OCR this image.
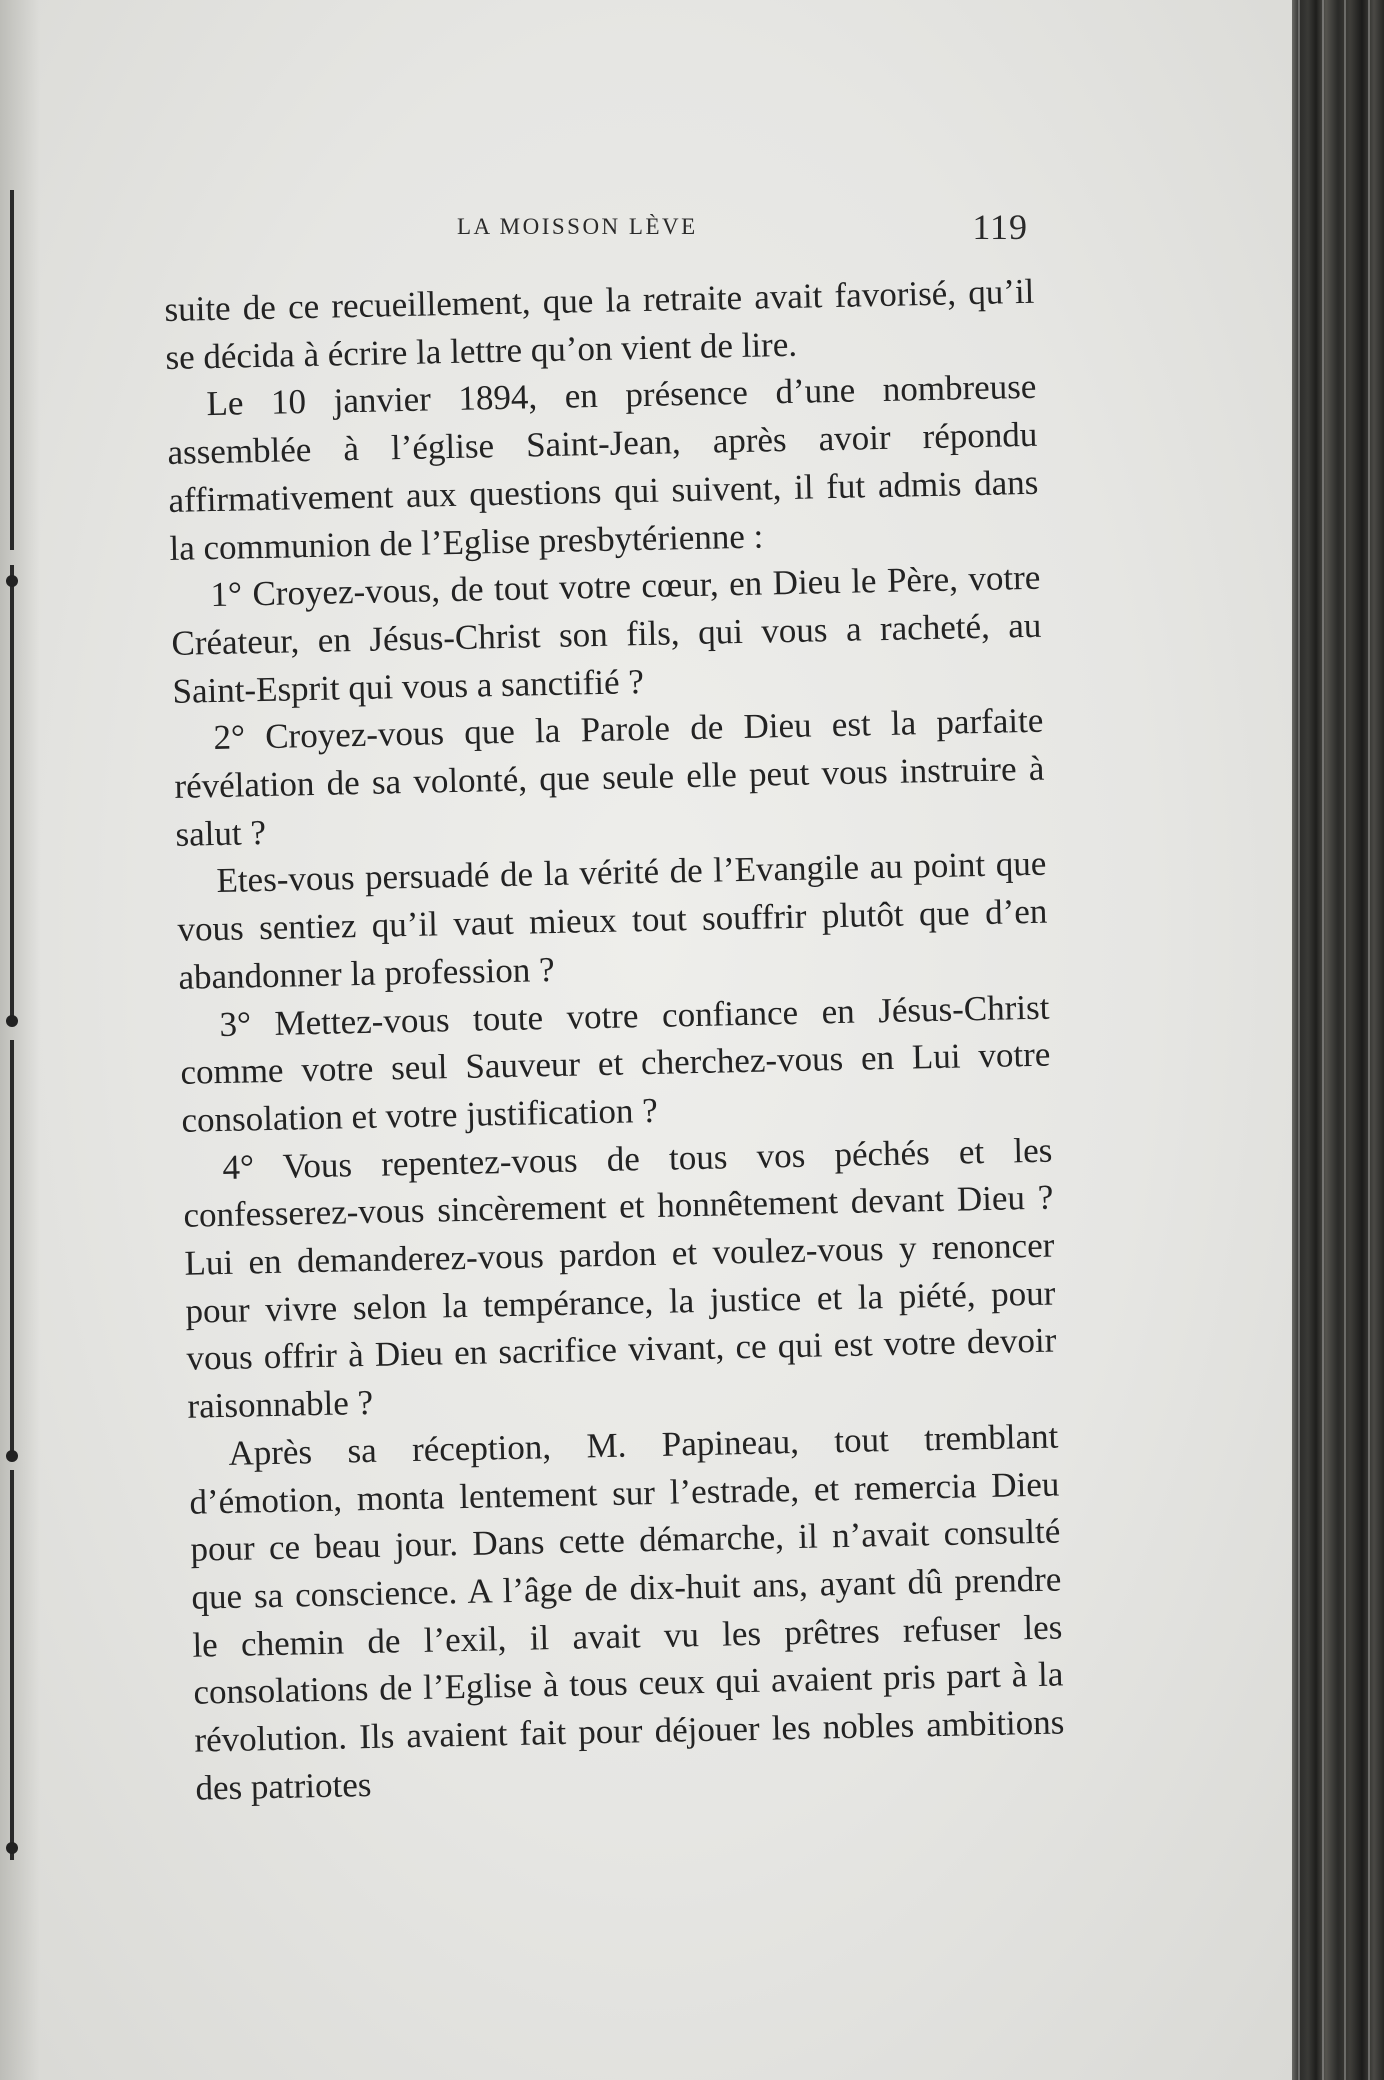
LA MOISSON LÈVE	119

suite de ce recueillement, que la retraite avait favorisé, qu’il se décida à écrire la lettre qu’on vient de lire.

Le 10 janvier 1894, en présence d’une nombreuse assemblée à l’église Saint-Jean, après avoir répondu affirmativement aux questions qui suivent, il fut admis dans la communion de l’Eglise presbytérienne :

1° Croyez-vous, de tout votre cœur, en Dieu le Père, votre Créateur, en Jésus-Christ son fils, qui vous a racheté, au Saint-Esprit qui vous a sanctifié ?

2° Croyez-vous que la Parole de Dieu est la parfaite révélation de sa volonté, que seule elle peut vous instruire à salut ?

Etes-vous persuadé de la vérité de l’Evangile au point que vous sentiez qu’il vaut mieux tout souffrir plutôt que d’en abandonner la profession ?

3° Mettez-vous toute votre confiance en Jésus-Christ comme votre seul Sauveur et cherchez-vous en Lui votre consolation et votre justification ?

4° Vous repentez-vous de tous vos péchés et les confesserez-vous sincèrement et honnêtement devant Dieu ? Lui en demanderez-vous pardon et voulez-vous y renoncer pour vivre selon la tempérance, la justice et la piété, pour vous offrir à Dieu en sacrifice vivant, ce qui est votre devoir raisonnable ?

Après sa réception, M. Papineau, tout tremblant d’émotion, monta lentement sur l’estrade, et remercia Dieu pour ce beau jour. Dans cette démarche, il n’avait consulté que sa conscience. A l’âge de dix-huit ans, ayant dû prendre le chemin de l’exil, il avait vu les prêtres refuser les consolations de l’Eglise à tous ceux qui avaient pris part à la révolution. Ils avaient fait pour déjouer les nobles ambitions des patriotes
